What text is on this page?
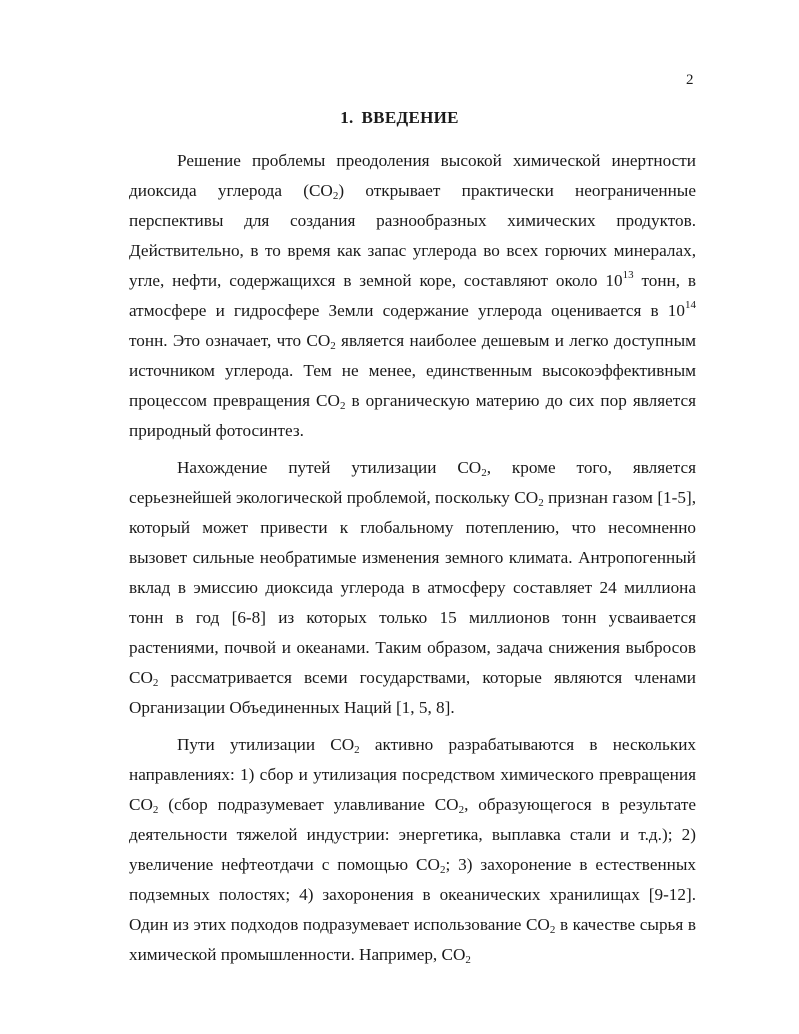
2
1. ВВЕДЕНИЕ

Решение проблемы преодоления высокой химической инертности диоксида углерода $(CO_2)$ открывает практически неограниченные перспективы для создания разнообразных химических продуктов. Действительно, в то время как запас углерода во всех горючих минералах, угле, нефти, содержащихся в земной коре, составляют около $10^{13}$ тонн, в атмосфере и гидросфере Земли содержание углерода оценивается в $10^{14}$ тонн. Это означает, что $CO_2$ является наиболее дешевым и легко доступным источником углерода. Тем не менее, единственным высокоэффективным процессом превращения $CO_2$ в органическую материю до сих пор является природный фотосинтез.

Нахождение путей утилизации $CO_2$, кроме того, является серьезнейшей экологической проблемой, поскольку $CO_2$ признан газом [1-5], который может привести к глобальному потеплению, что несомненно вызовет сильные необратимые изменения земного климата. Антропогенный вклад в эмиссию диоксида углерода в атмосферу составляет 24 миллиона тонн в год [6-8] из которых только 15 миллионов тонн усваивается растениями, почвой и океанами. Таким образом, задача снижения выбросов $CO_2$ рассматривается всеми государствами, которые являются членами Организации Объединенных Наций [1, 5, 8].

Пути утилизации $CO_2$ активно разрабатываются в нескольких направлениях: 1) сбор и утилизация посредством химического превращения $CO_2$ (сбор подразумевает улавливание $CO_2$, образующегося в результате деятельности тяжелой индустрии: энергетика, выплавка стали и т.д.); 2) увеличение нефтеотдачи с помощью $CO_2$; 3) захоронение в естественных подземных полостях; 4) захоронения в океанических хранилищах [9-12]. Один из этих подходов подразумевает использование $CO_2$ в качестве сырья в химической промышленности. Например, $CO_2$
